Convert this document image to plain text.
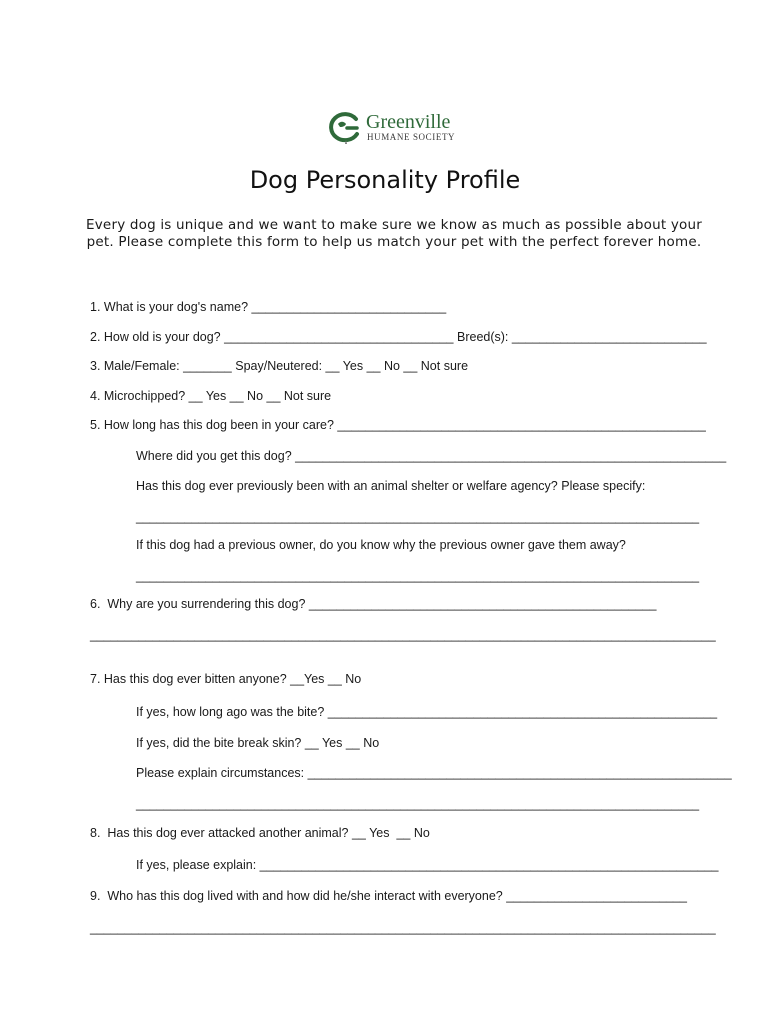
Greenville
HUMANE SOCIETY
Dog Personality Profile
Every dog is unique and we want to make sure we know as much as possible about your pet. Please complete this form to help us match your pet with the perfect forever home.
1. What is your dog's name? ____________________________
2. How old is your dog? _________________________________ Breed(s): ____________________________
3. Male/Female: _______ Spay/Neutered: __ Yes __ No __ Not sure
4. Microchipped? __ Yes __ No __ Not sure
5. How long has this dog been in your care? _____________________________________________________
Where did you get this dog? ______________________________________________________________
Has this dog ever previously been with an animal shelter or welfare agency? Please specify:
_________________________________________________________________________________
If this dog had a previous owner, do you know why the previous owner gave them away?
_________________________________________________________________________________
6.  Why are you surrendering this dog? __________________________________________________
__________________________________________________________________________________________
7. Has this dog ever bitten anyone? __Yes __ No
If yes, how long ago was the bite? ________________________________________________________
If yes, did the bite break skin? __ Yes __ No
Please explain circumstances: _____________________________________________________________
_________________________________________________________________________________
8.  Has this dog ever attacked another animal? __ Yes  __ No
If yes, please explain: __________________________________________________________________
9.  Who has this dog lived with and how did he/she interact with everyone? __________________________
__________________________________________________________________________________________
